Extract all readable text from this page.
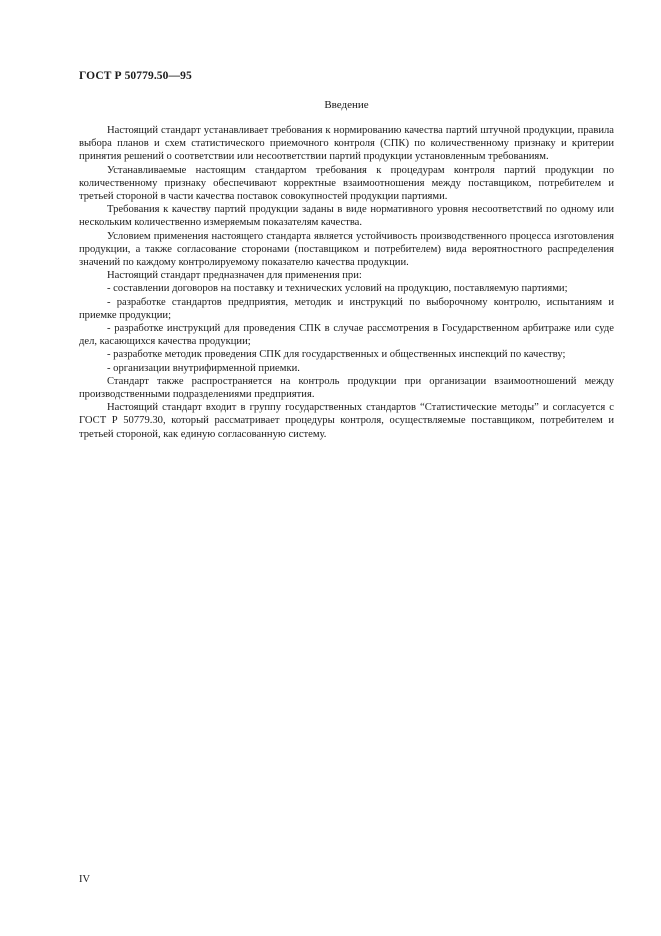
ГОСТ Р 50779.50—95
Введение

Настоящий стандарт устанавливает требования к нормированию качества партий штучной продукции, правила выбора планов и схем статистического приемочного контроля (СПК) по количественному признаку и критерии принятия решений о соответствии или несоответствии партий продукции установленным требованиям.

Устанавливаемые настоящим стандартом требования к процедурам контроля партий продукции по количественному признаку обеспечивают корректные взаимоотношения между поставщиком, потребителем и третьей стороной в части качества поставок совокупностей продукции партиями.

Требования к качеству партий продукции заданы в виде нормативного уровня несоответствий по одному или нескольким количественно измеряемым показателям качества.

Условием применения настоящего стандарта является устойчивость производственного процесса изготовления продукции, а также согласование сторонами (поставщиком и потребителем) вида вероятностного распределения значений по каждому контролируемому показателю качества продукции.

Настоящий стандарт предназначен для применения при:

- составлении договоров на поставку и технических условий на продукцию, поставляемую партиями;

- разработке стандартов предприятия, методик и инструкций по выборочному контролю, испытаниям и приемке продукции;

- разработке инструкций для проведения СПК в случае рассмотрения в Государственном арбитраже или суде дел, касающихся качества продукции;

- разработке методик проведения СПК для государственных и общественных инспекций по качеству;

- организации внутрифирменной приемки.

Стандарт также распространяется на контроль продукции при организации взаимоотношений между производственными подразделениями предприятия.

Настоящий стандарт входит в группу государственных стандартов “Статистические методы” и согласуется с ГОСТ Р 50779.30, который рассматривает процедуры контроля, осуществляемые поставщиком, потребителем и третьей стороной, как единую согласованную систему.

IV
